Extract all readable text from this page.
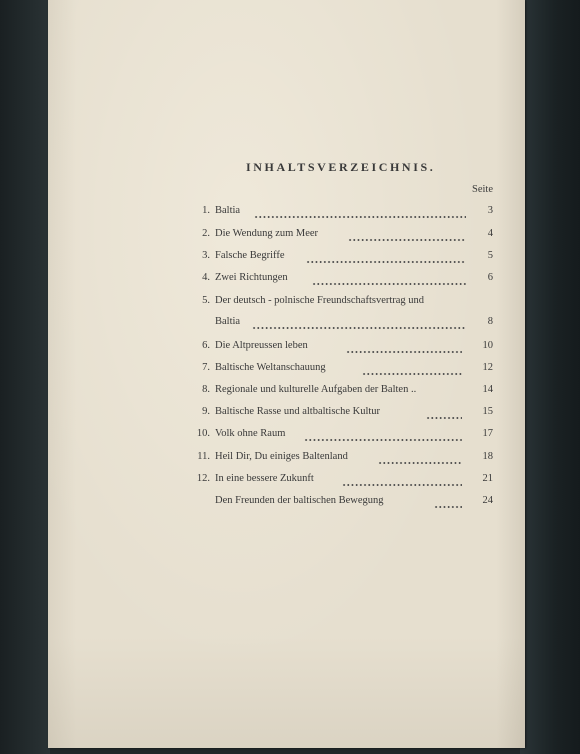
INHALTSVERZEICHNIS.
Seite
1. Baltia	3
2. Die Wendung zum Meer	4
3. Falsche Begriffe	5
4. Zwei Richtungen	6
5. Der deutsch - polnische Freundschaftsvertrag und
Baltia	8
6. Die Altpreussen leben	10
7. Baltische Weltanschauung	12
8. Regionale und kulturelle Aufgaben der Balten ..	14
9. Baltische Rasse und altbaltische Kultur	15
10. Volk ohne Raum	17
11. Heil Dir, Du einiges Baltenland	18
12. In eine bessere Zukunft	21
Den Freunden der baltischen Bewegung	24
